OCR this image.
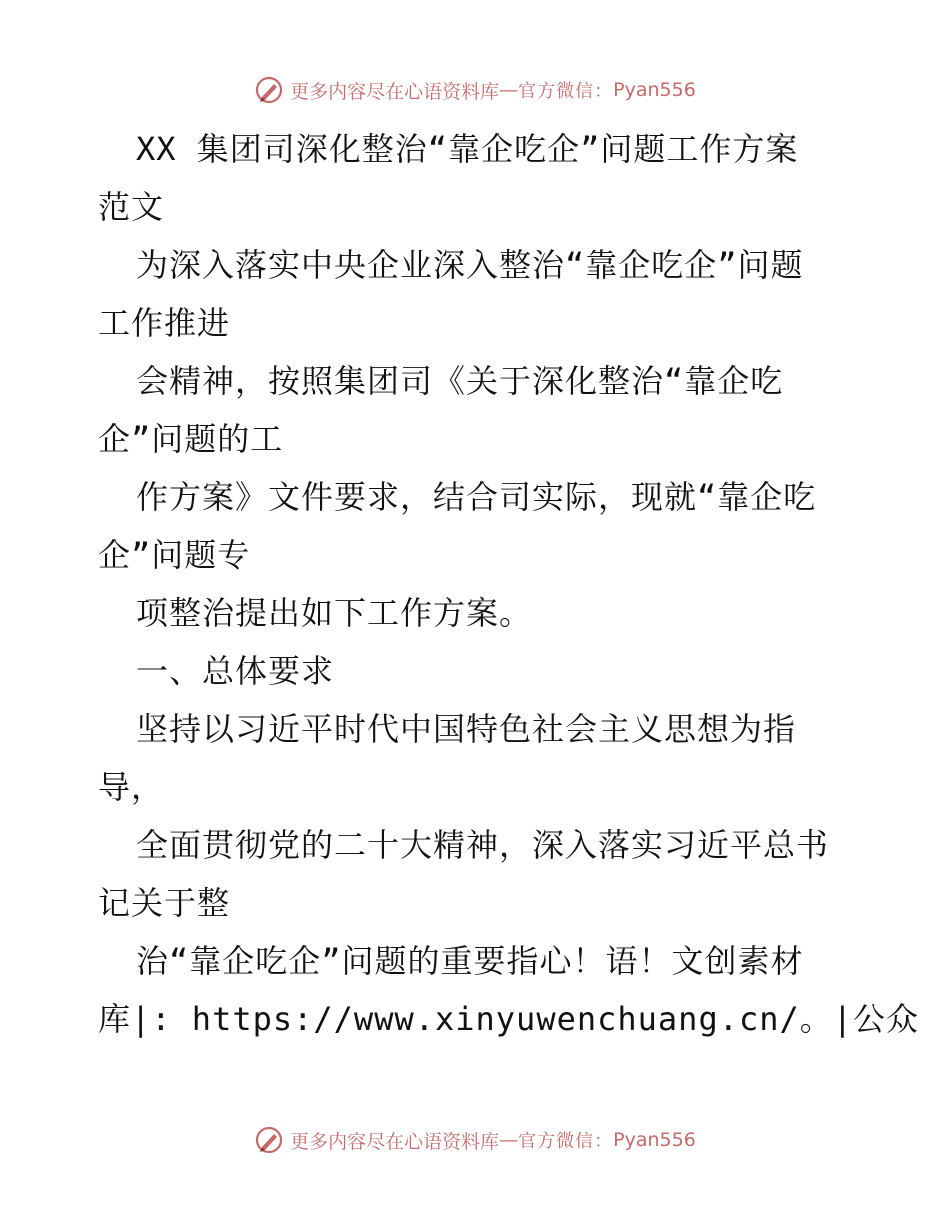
更多内容尽在心语资料库 — 官方微信： Pyan556
XX 集团司深化整治“靠企吃企”问题工作方案
范文
为深入落实中央企业深入整治“靠企吃企”问题
工作推进
会精神，按照集团司《关于深化整治“靠企吃
企”问题的工
作方案》文件要求，结合司实际，现就“靠企吃
企”问题专
项整治提出如下工作方案。
一、总体要求
坚持以习近平时代中国特色社会主义思想为指
导，
全面贯彻党的二十大精神，深入落实习近平总书
记关于整
治“靠企吃企”问题的重要指心！语！文创素材
库|: https://www.xinyuwenchuang.cn/。|公众
更多内容尽在心语资料库 — 官方微信： Pyan556
